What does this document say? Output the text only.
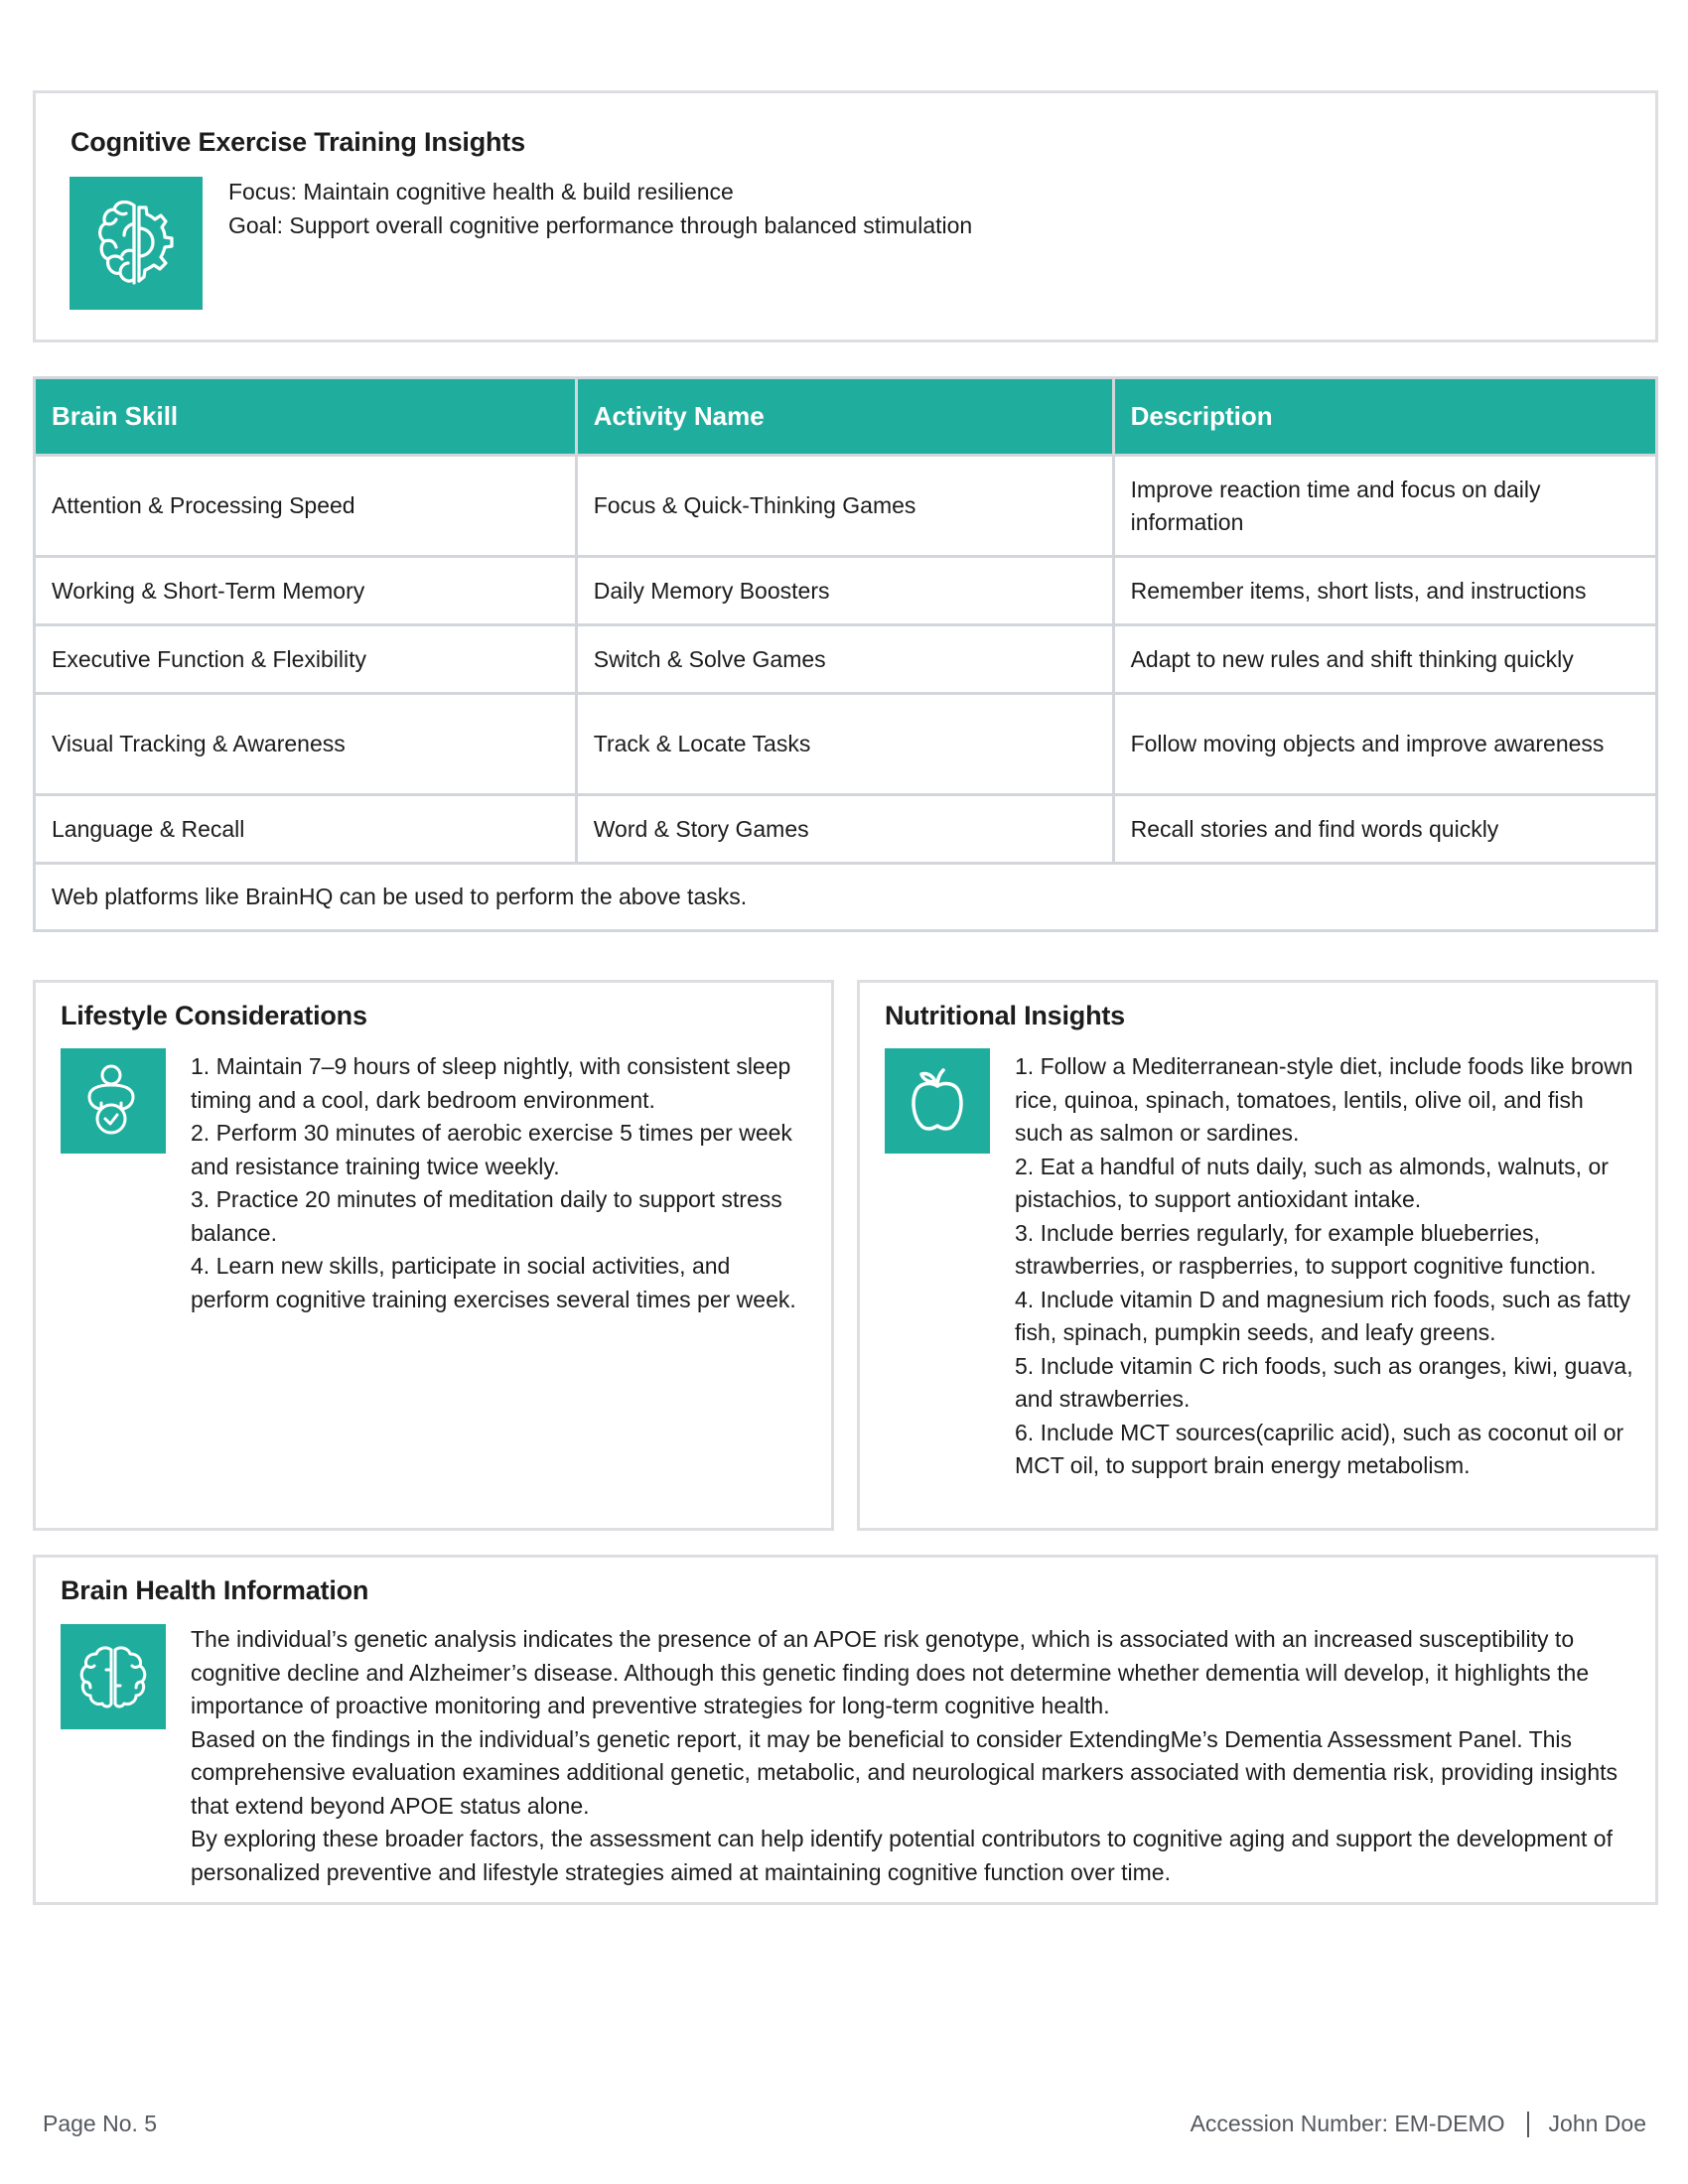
Cognitive Exercise Training Insights
Focus: Maintain cognitive health & build resilience
Goal: Support overall cognitive performance through balanced stimulation
Brain Skill	Activity Name	Description
Attention & Processing Speed	Focus & Quick-Thinking Games	Improve reaction time and focus on daily information
Working & Short-Term Memory	Daily Memory Boosters	Remember items, short lists, and instructions
Executive Function & Flexibility	Switch & Solve Games	Adapt to new rules and shift thinking quickly
Visual Tracking & Awareness	Track & Locate Tasks	Follow moving objects and improve awareness
Language & Recall	Word & Story Games	Recall stories and find words quickly
Web platforms like BrainHQ can be used to perform the above tasks.		
Lifestyle Considerations
1. Maintain 7–9 hours of sleep nightly, with consistent sleep timing and a cool, dark bedroom environment.
2. Perform 30 minutes of aerobic exercise 5 times per week and resistance training twice weekly.
3. Practice 20 minutes of meditation daily to support stress balance.
4. Learn new skills, participate in social activities, and perform cognitive training exercises several times per week.
Nutritional Insights
1. Follow a Mediterranean-style diet, include foods like brown rice, quinoa, spinach, tomatoes, lentils, olive oil, and fish such as salmon or sardines.
2. Eat a handful of nuts daily, such as almonds, walnuts, or pistachios, to support antioxidant intake.
3. Include berries regularly, for example blueberries, strawberries, or raspberries, to support cognitive function.
4. Include vitamin D and magnesium rich foods, such as fatty fish, spinach, pumpkin seeds, and leafy greens.
5. Include vitamin C rich foods, such as oranges, kiwi, guava, and strawberries.
6. Include MCT sources(caprilic acid), such as coconut oil or MCT oil, to support brain energy metabolism.
Brain Health Information
The individual’s genetic analysis indicates the presence of an APOE risk genotype, which is associated with an increased susceptibility to cognitive decline and Alzheimer’s disease. Although this genetic finding does not determine whether dementia will develop, it highlights the importance of proactive monitoring and preventive strategies for long-term cognitive health.
Based on the findings in the individual’s genetic report, it may be beneficial to consider ExtendingMe’s Dementia Assessment Panel. This comprehensive evaluation examines additional genetic, metabolic, and neurological markers associated with dementia risk, providing insights that extend beyond APOE status alone.
By exploring these broader factors, the assessment can help identify potential contributors to cognitive aging and support the development of personalized preventive and lifestyle strategies aimed at maintaining cognitive function over time.
Page No. 5	Accession Number: EM-DEMO John Doe
